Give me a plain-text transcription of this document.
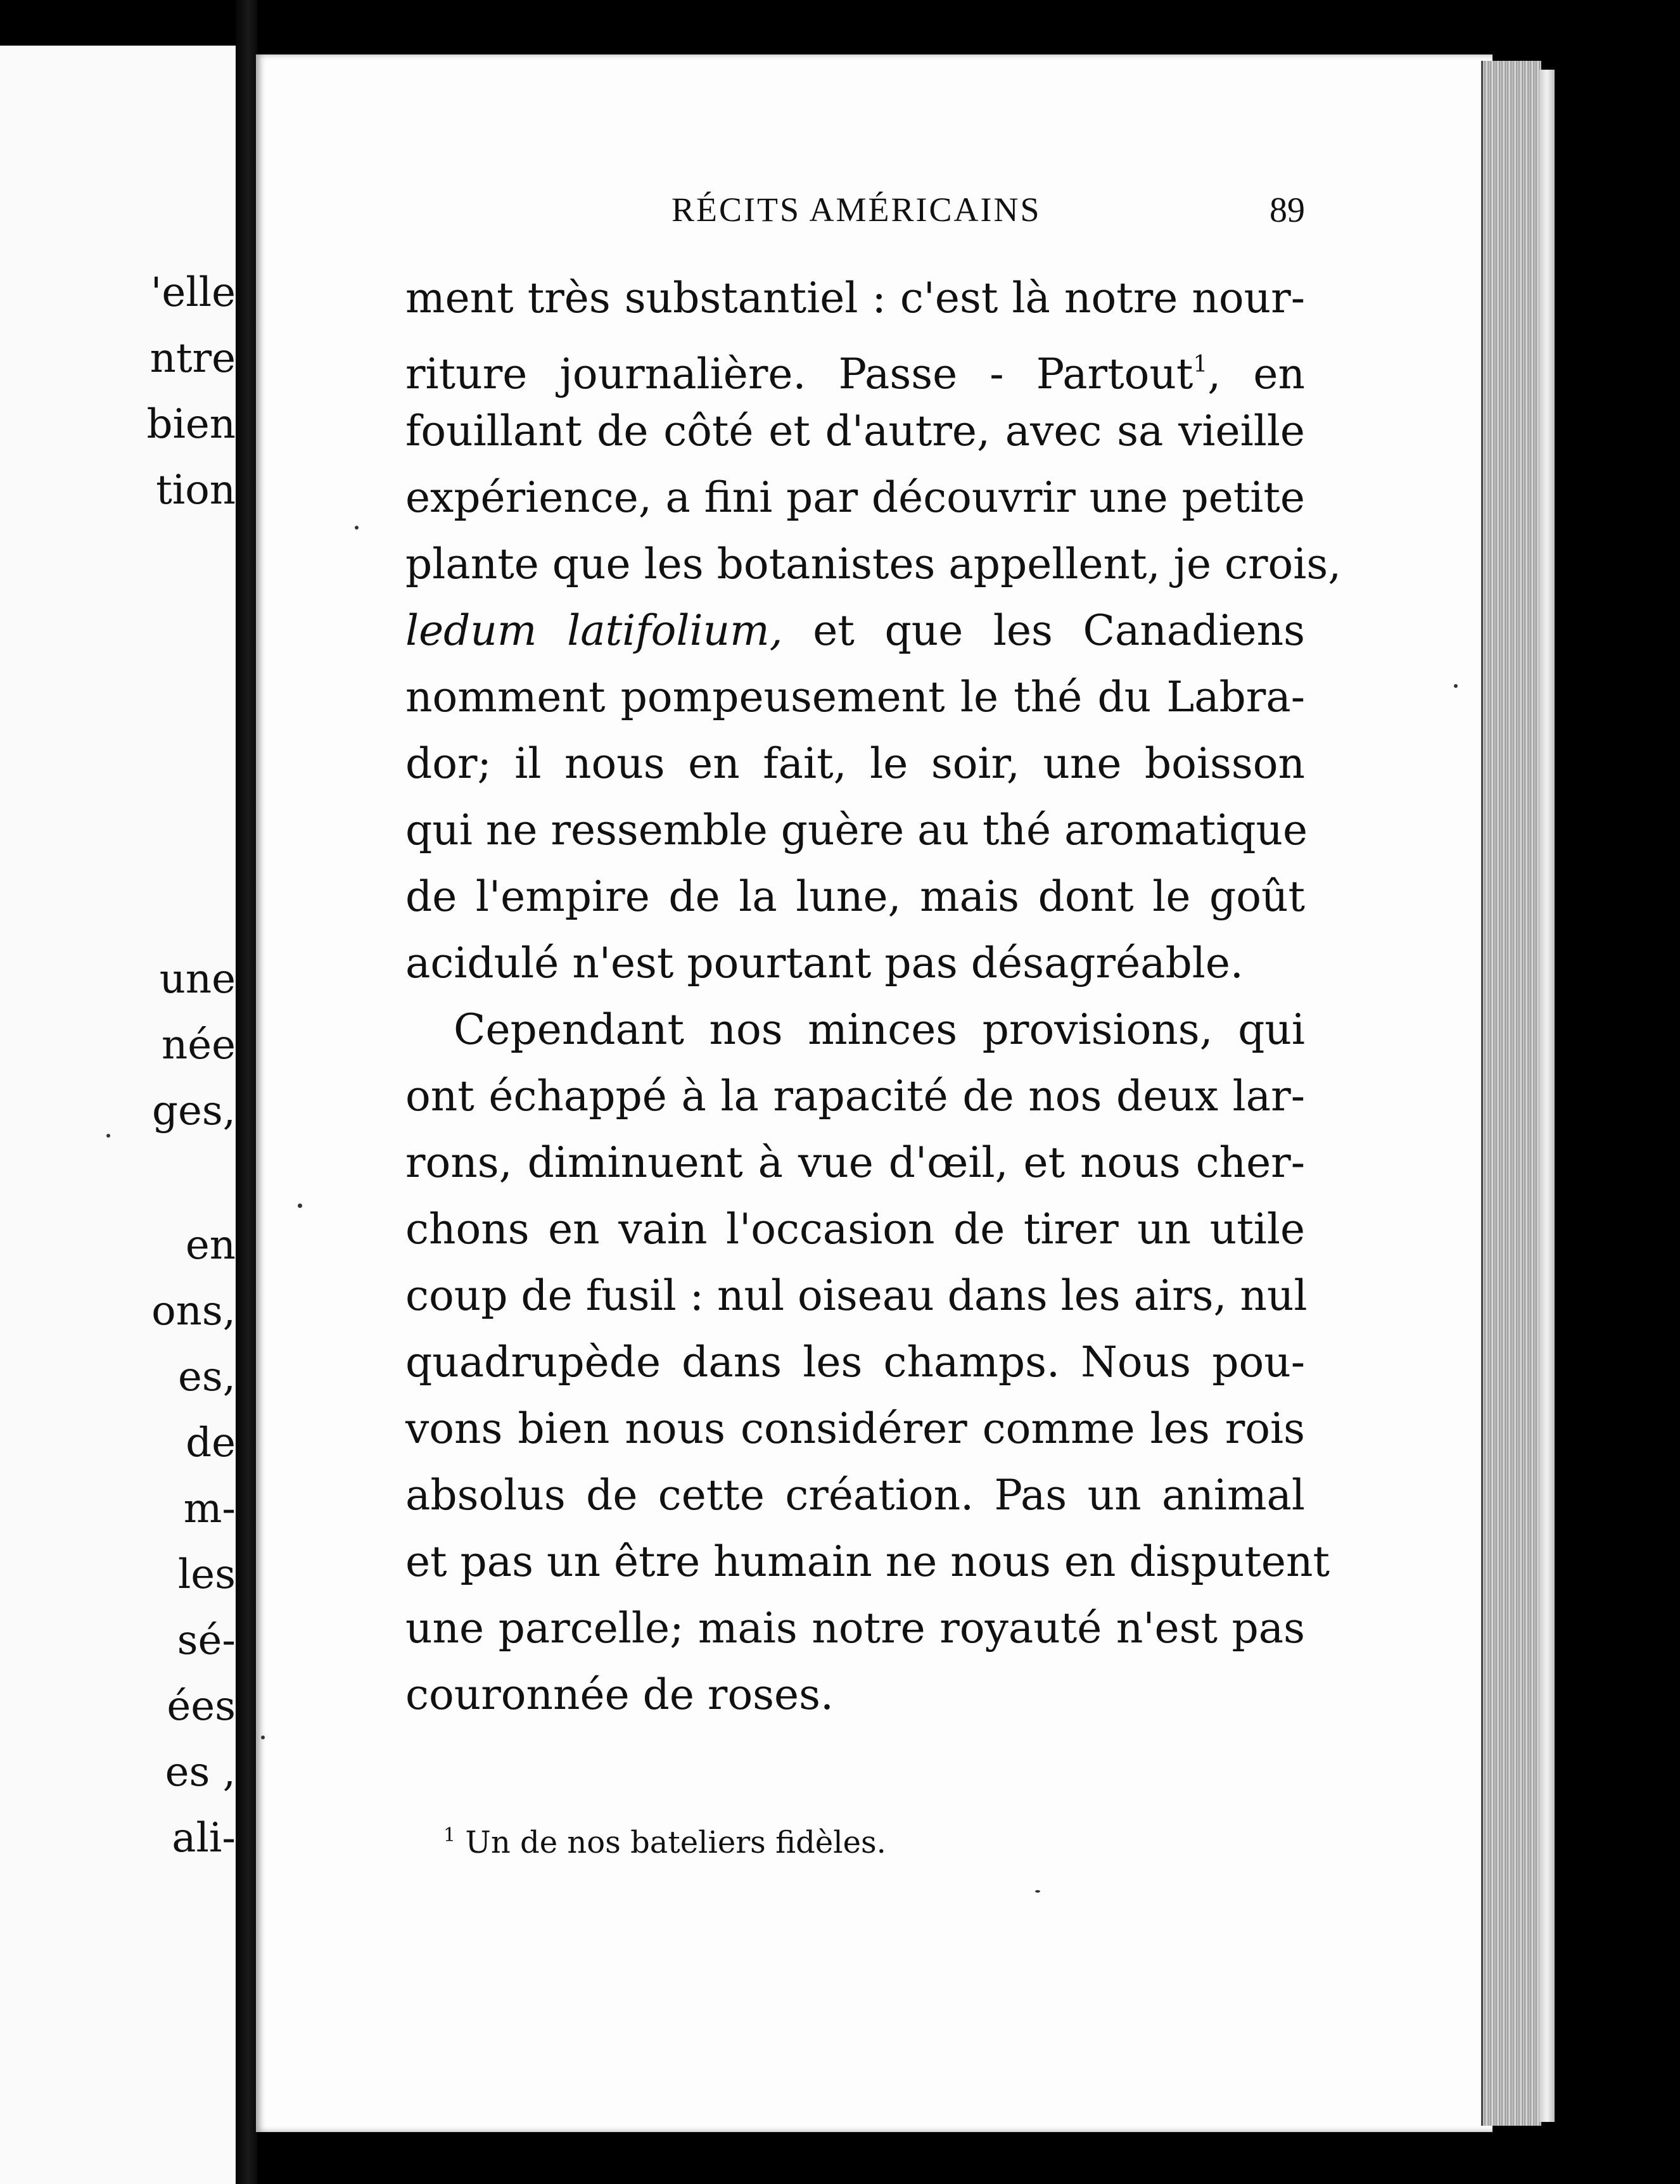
'elle
ntre
bien
tion
une
née
ges,
en
ons,
es,
de
m-
les
sé-
ées
es ,
ali-
RÉCITS AMÉRICAINS	89
ment très substantiel : c'est là notre nour-
riture journalière. Passe - Partout$^1$, en
fouillant de côté et d'autre, avec sa vieille
expérience, a fini par découvrir une petite
plante que les botanistes appellent, je crois,
ledum latifolium, et que les Canadiens
nomment pompeusement le thé du Labra-
dor; il nous en fait, le soir, une boisson
qui ne ressemble guère au thé aromatique
de l'empire de la lune, mais dont le goût
acidulé n'est pourtant pas désagréable.
Cependant nos minces provisions, qui
ont échappé à la rapacité de nos deux lar-
rons, diminuent à vue d'œil, et nous cher-
chons en vain l'occasion de tirer un utile
coup de fusil : nul oiseau dans les airs, nul
quadrupède dans les champs. Nous pou-
vons bien nous considérer comme les rois
absolus de cette création. Pas un animal
et pas un être humain ne nous en disputent
une parcelle; mais notre royauté n'est pas
couronnée de roses.
$^1$ Un de nos bateliers fidèles.
